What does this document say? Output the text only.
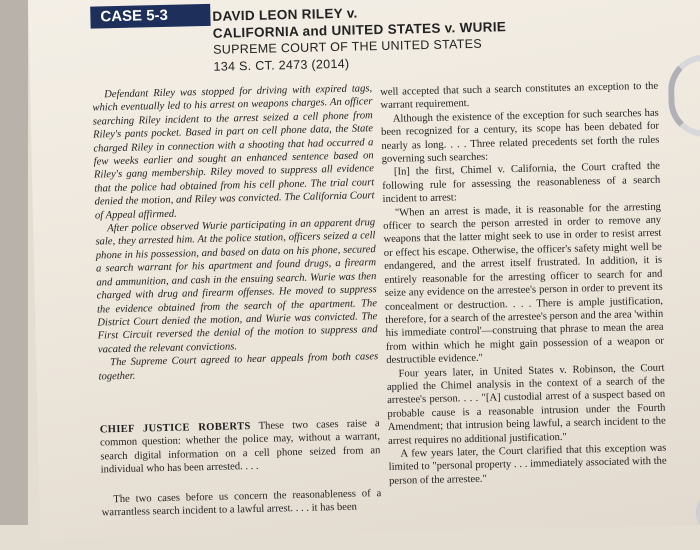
CASE 5-3	DAVID LEON RILEY v.
CALIFORNIA and UNITED STATES v. WURIE
SUPREME COURT OF THE UNITED STATES
134 S. CT. 2473 (2014)

Defendant Riley was stopped for driving with expired tags, which eventually led to his arrest on weapons charges. An officer searching Riley incident to the arrest seized a cell phone from Riley's pants pocket. Based in part on cell phone data, the State charged Riley in connection with a shooting that had occurred a few weeks earlier and sought an enhanced sentence based on Riley's gang membership. Riley moved to suppress all evidence that the police had obtained from his cell phone. The trial court denied the motion, and Riley was convicted. The California Court of Appeal affirmed.

After police observed Wurie participating in an apparent drug sale, they arrested him. At the police station, officers seized a cell phone in his possession, and based on data on his phone, secured a search warrant for his apartment and found drugs, a firearm and ammunition, and cash in the ensuing search. Wurie was then charged with drug and firearm offenses. He moved to suppress the evidence obtained from the search of the apartment. The District Court denied the motion, and Wurie was convicted. The First Circuit reversed the denial of the motion to suppress and vacated the relevant convictions.

The Supreme Court agreed to hear appeals from both cases together.

CHIEF JUSTICE ROBERTS These two cases raise a common question: whether the police may, without a warrant, search digital information on a cell phone seized from an individual who has been arrested. . . .

The two cases before us concern the reasonableness of a warrantless search incident to a lawful arrest. . . . it has been

well accepted that such a search constitutes an exception to the warrant requirement.

Although the existence of the exception for such searches has been recognized for a century, its scope has been debated for nearly as long. . . . Three related precedents set forth the rules governing such searches:

[In] the first, Chimel v. California, the Court crafted the following rule for assessing the reasonableness of a search incident to arrest:

"When an arrest is made, it is reasonable for the arresting officer to search the person arrested in order to remove any weapons that the latter might seek to use in order to resist arrest or effect his escape. Otherwise, the officer's safety might well be endangered, and the arrest itself frustrated. In addition, it is entirely reasonable for the arresting officer to search for and seize any evidence on the arrestee's person in order to prevent its concealment or destruction. . . . There is ample justification, therefore, for a search of the arrestee's person and the area 'within his immediate control'—construing that phrase to mean the area from within which he might gain possession of a weapon or destructible evidence."

Four years later, in United States v. Robinson, the Court applied the Chimel analysis in the context of a search of the arrestee's person. . . . "[A] custodial arrest of a suspect based on probable cause is a reasonable intrusion under the Fourth Amendment; that intrusion being lawful, a search incident to the arrest requires no additional justification."

A few years later, the Court clarified that this exception was limited to "personal property . . . immediately associated with the person of the arrestee."
